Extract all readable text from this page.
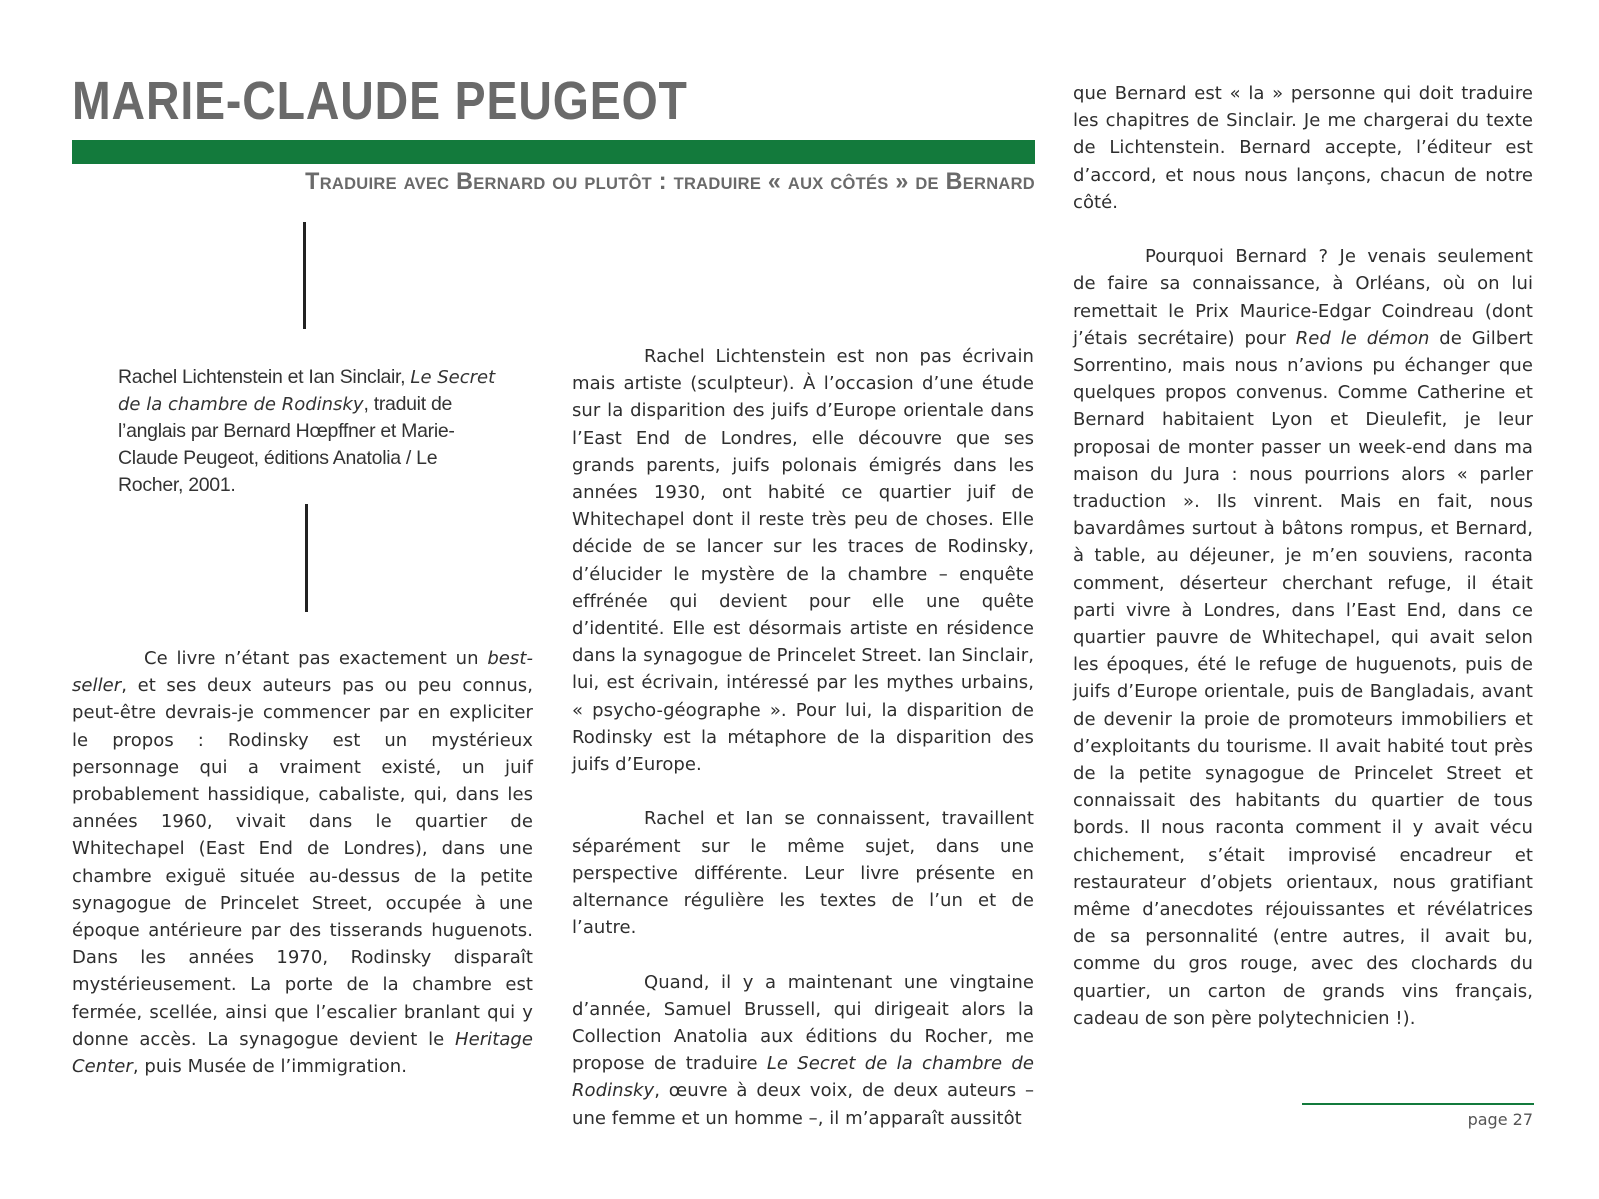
MARIE-CLAUDE PEUGEOT
Traduire avec Bernard ou plutôt : traduire « aux côtés » de Bernard

Rachel Lichtenstein et Ian Sinclair, Le Secret de la chambre de Rodinsky, traduit de l’anglais par Bernard Hœpffner et Marie-Claude Peugeot, éditions Anatolia / Le Rocher, 2001.

Ce livre n’étant pas exactement un best-seller, et ses deux auteurs pas ou peu connus, peut-être devrais-je commencer par en expliciter le propos : Rodinsky est un mystérieux personnage qui a vraiment existé, un juif probablement hassidique, cabaliste, qui, dans les années 1960, vivait dans le quartier de Whitechapel (East End de Londres), dans une chambre exiguë située au-dessus de la petite synagogue de Princelet Street, occupée à une époque antérieure par des tisserands huguenots. Dans les années 1970, Rodinsky disparaît mystérieusement. La porte de la chambre est fermée, scellée, ainsi que l’escalier branlant qui y donne accès. La synagogue devient le Heritage Center, puis Musée de l’immigration.

Rachel Lichtenstein est non pas écrivain mais artiste (sculpteur). À l’occasion d’une étude sur la disparition des juifs d’Europe orientale dans l’East End de Londres, elle découvre que ses grands parents, juifs polonais émigrés dans les années 1930, ont habité ce quartier juif de Whitechapel dont il reste très peu de choses. Elle décide de se lancer sur les traces de Rodinsky, d’élucider le mystère de la chambre – enquête effrénée qui devient pour elle une quête d’identité. Elle est désormais artiste en résidence dans la synagogue de Princelet Street. Ian Sinclair, lui, est écrivain, intéressé par les mythes urbains, « psycho-géographe ». Pour lui, la disparition de Rodinsky est la métaphore de la disparition des juifs d’Europe.

Rachel et Ian se connaissent, travaillent séparément sur le même sujet, dans une perspective différente. Leur livre présente en alternance régulière les textes de l’un et de l’autre.

Quand, il y a maintenant une vingtaine d’année, Samuel Brussell, qui dirigeait alors la Collection Anatolia aux éditions du Rocher, me propose de traduire Le Secret de la chambre de Rodinsky, œuvre à deux voix, de deux auteurs – une femme et un homme –, il m’apparaît aussitôt

que Bernard est « la » personne qui doit traduire les chapitres de Sinclair. Je me chargerai du texte de Lichtenstein. Bernard accepte, l’éditeur est d’accord, et nous nous lançons, chacun de notre côté.

Pourquoi Bernard ? Je venais seulement de faire sa connaissance, à Orléans, où on lui remettait le Prix Maurice-Edgar Coindreau (dont j’étais secrétaire) pour Red le démon de Gilbert Sorrentino, mais nous n’avions pu échanger que quelques propos convenus. Comme Catherine et Bernard habitaient Lyon et Dieulefit, je leur proposai de monter passer un week-end dans ma maison du Jura : nous pourrions alors « parler traduction ». Ils vinrent. Mais en fait, nous bavardâmes surtout à bâtons rompus, et Bernard, à table, au déjeuner, je m’en souviens, raconta comment, déserteur cherchant refuge, il était parti vivre à Londres, dans l’East End, dans ce quartier pauvre de Whitechapel, qui avait selon les époques, été le refuge de huguenots, puis de juifs d’Europe orientale, puis de Bangladais, avant de devenir la proie de promoteurs immobiliers et d’exploitants du tourisme. Il avait habité tout près de la petite synagogue de Princelet Street et connaissait des habitants du quartier de tous bords. Il nous raconta comment il y avait vécu chichement, s’était improvisé encadreur et restaurateur d’objets orientaux, nous gratifiant même d’anecdotes réjouissantes et révélatrices de sa personnalité (entre autres, il avait bu, comme du gros rouge, avec des clochards du quartier, un carton de grands vins français, cadeau de son père polytechnicien !).

page 27
